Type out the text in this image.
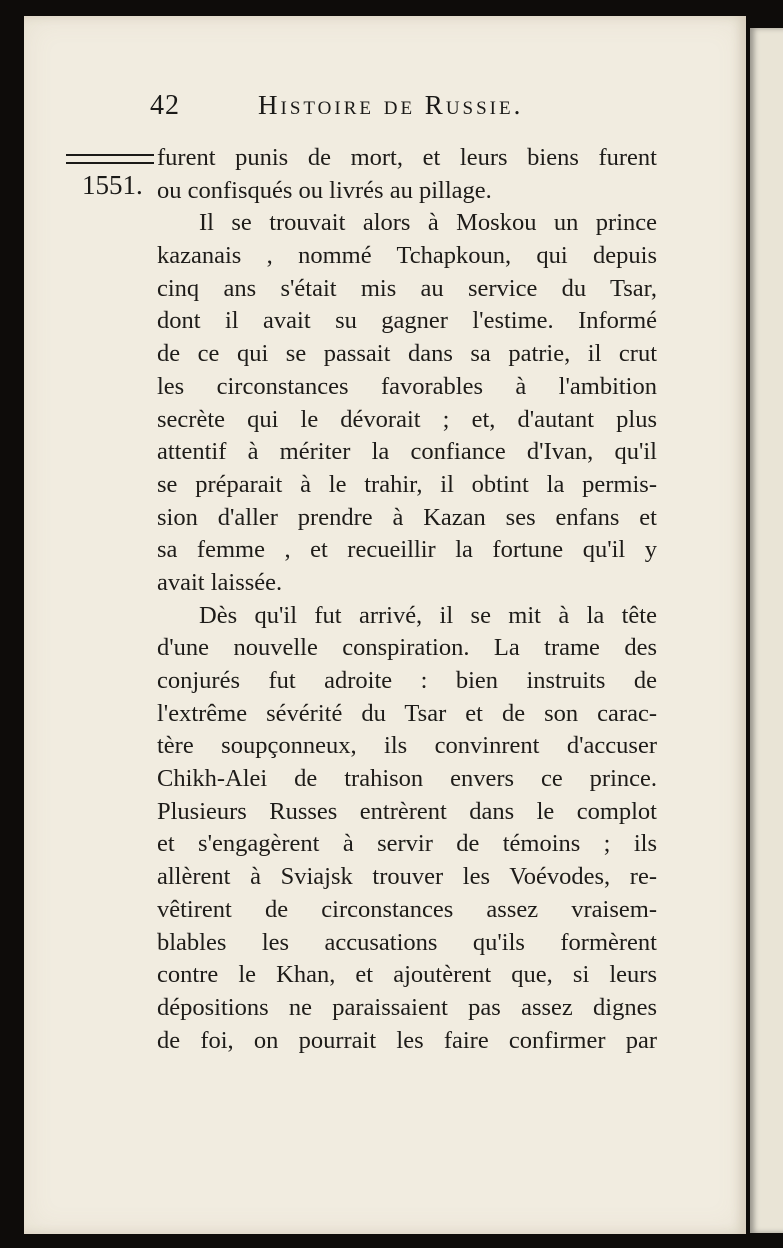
42	Histoire de Russie.
1551.
furent punis de mort, et leurs biens furent
ou confisqués ou livrés au pillage.
Il se trouvait alors à Moskou un prince
kazanais , nommé Tchapkoun, qui depuis
cinq ans s'était mis au service du Tsar,
dont il avait su gagner l'estime. Informé
de ce qui se passait dans sa patrie, il crut
les circonstances favorables à l'ambition
secrète qui le dévorait ; et, d'autant plus
attentif à mériter la confiance d'Ivan, qu'il
se préparait à le trahir, il obtint la permis-
sion d'aller prendre à Kazan ses enfans et
sa femme , et recueillir la fortune qu'il y
avait laissée.
Dès qu'il fut arrivé, il se mit à la tête
d'une nouvelle conspiration. La trame des
conjurés fut adroite : bien instruits de
l'extrême sévérité du Tsar et de son carac-
tère soupçonneux, ils convinrent d'accuser
Chikh-Alei de trahison envers ce prince.
Plusieurs Russes entrèrent dans le complot
et s'engagèrent à servir de témoins ; ils
allèrent à Sviajsk trouver les Voévodes, re-
vêtirent de circonstances assez vraisem-
blables les accusations qu'ils formèrent
contre le Khan, et ajoutèrent que, si leurs
dépositions ne paraissaient pas assez dignes
de foi, on pourrait les faire confirmer par
